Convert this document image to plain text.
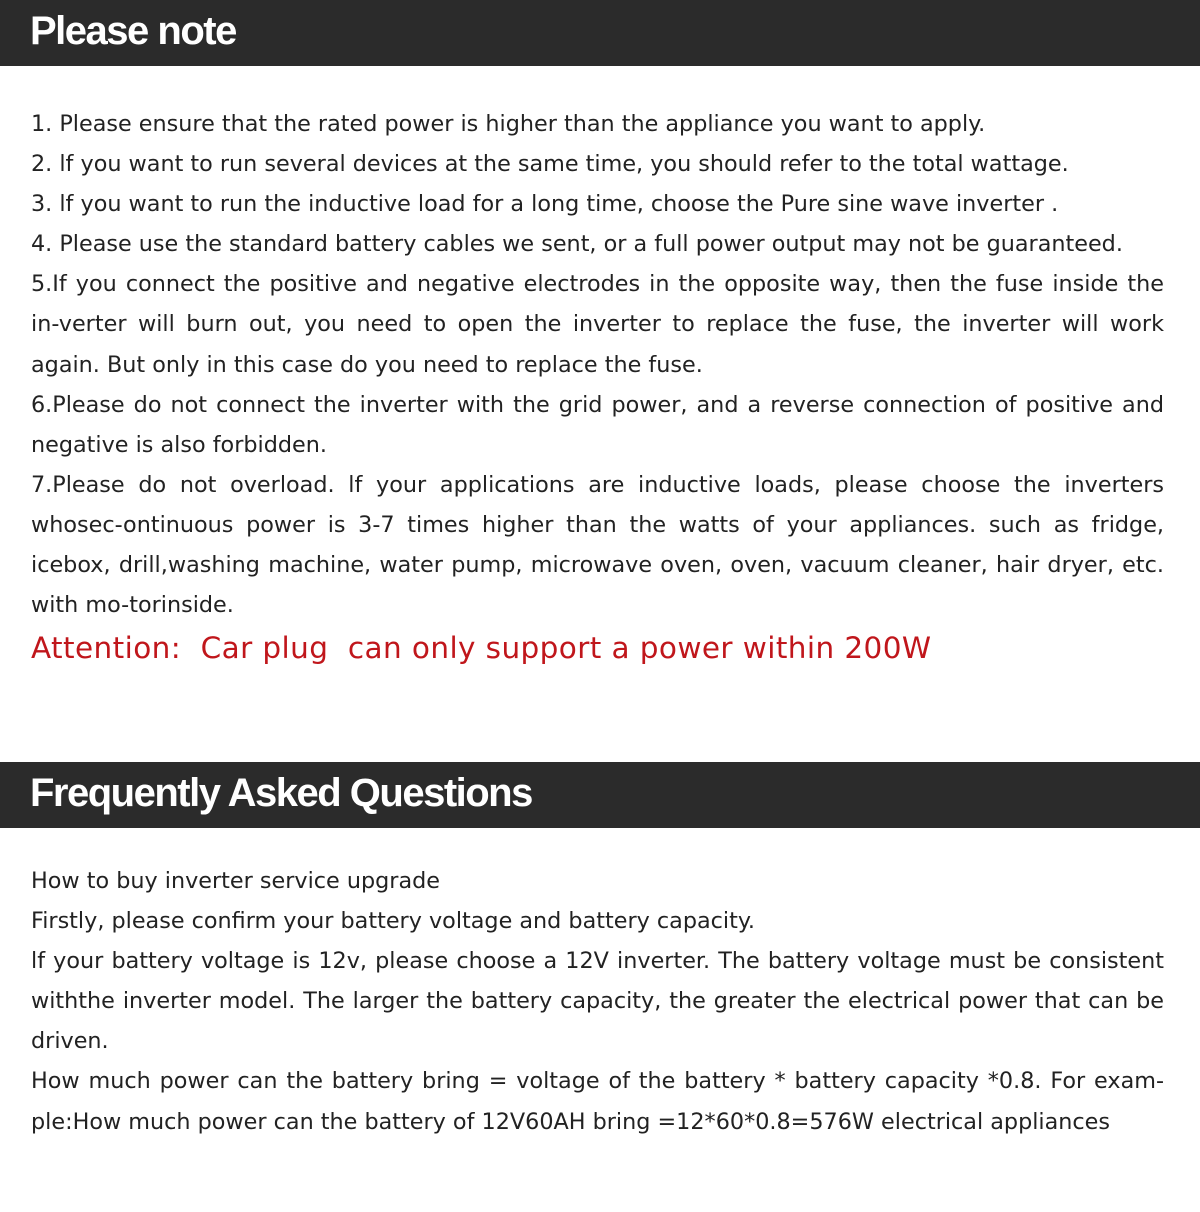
Please note

1. Please ensure that the rated power is higher than the appliance you want to apply.

2. lf you want to run several devices at the same time, you should refer to the total wattage.

3. lf you want to run the inductive load for a long time, choose the Pure sine wave inverter .

4. Please use the standard battery cables we sent, or a full power output may not be guaranteed.

5.If you connect the positive and negative electrodes in the opposite way, then the fuse inside the in-verter will burn out, you need to open the inverter to replace the fuse, the inverter will work again. But only in this case do you need to replace the fuse.

6.Please do not connect the inverter with the grid power, and a reverse connection of positive and negative is also forbidden.

7.Please do not overload. lf your applications are inductive loads, please choose the inverters whosec-ontinuous power is 3-7 times higher than the watts of your appliances. such as fridge, icebox, drill,washing machine, water pump, microwave oven, oven, vacuum cleaner, hair dryer, etc. with mo-torinside.

Attention:  Car plug  can only support a power within 200W

Frequently Asked Questions

How to buy inverter service upgrade

Firstly, please confirm your battery voltage and battery capacity.

lf your battery voltage is 12v, please choose a 12V inverter. The battery voltage must be consistent withthe inverter model. The larger the battery capacity, the greater the electrical power that can be driven.

How much power can the battery bring = voltage of the battery * battery capacity *0.8. For exam-ple:How much power can the battery of 12V60AH bring =12*60*0.8=576W electrical appliances
